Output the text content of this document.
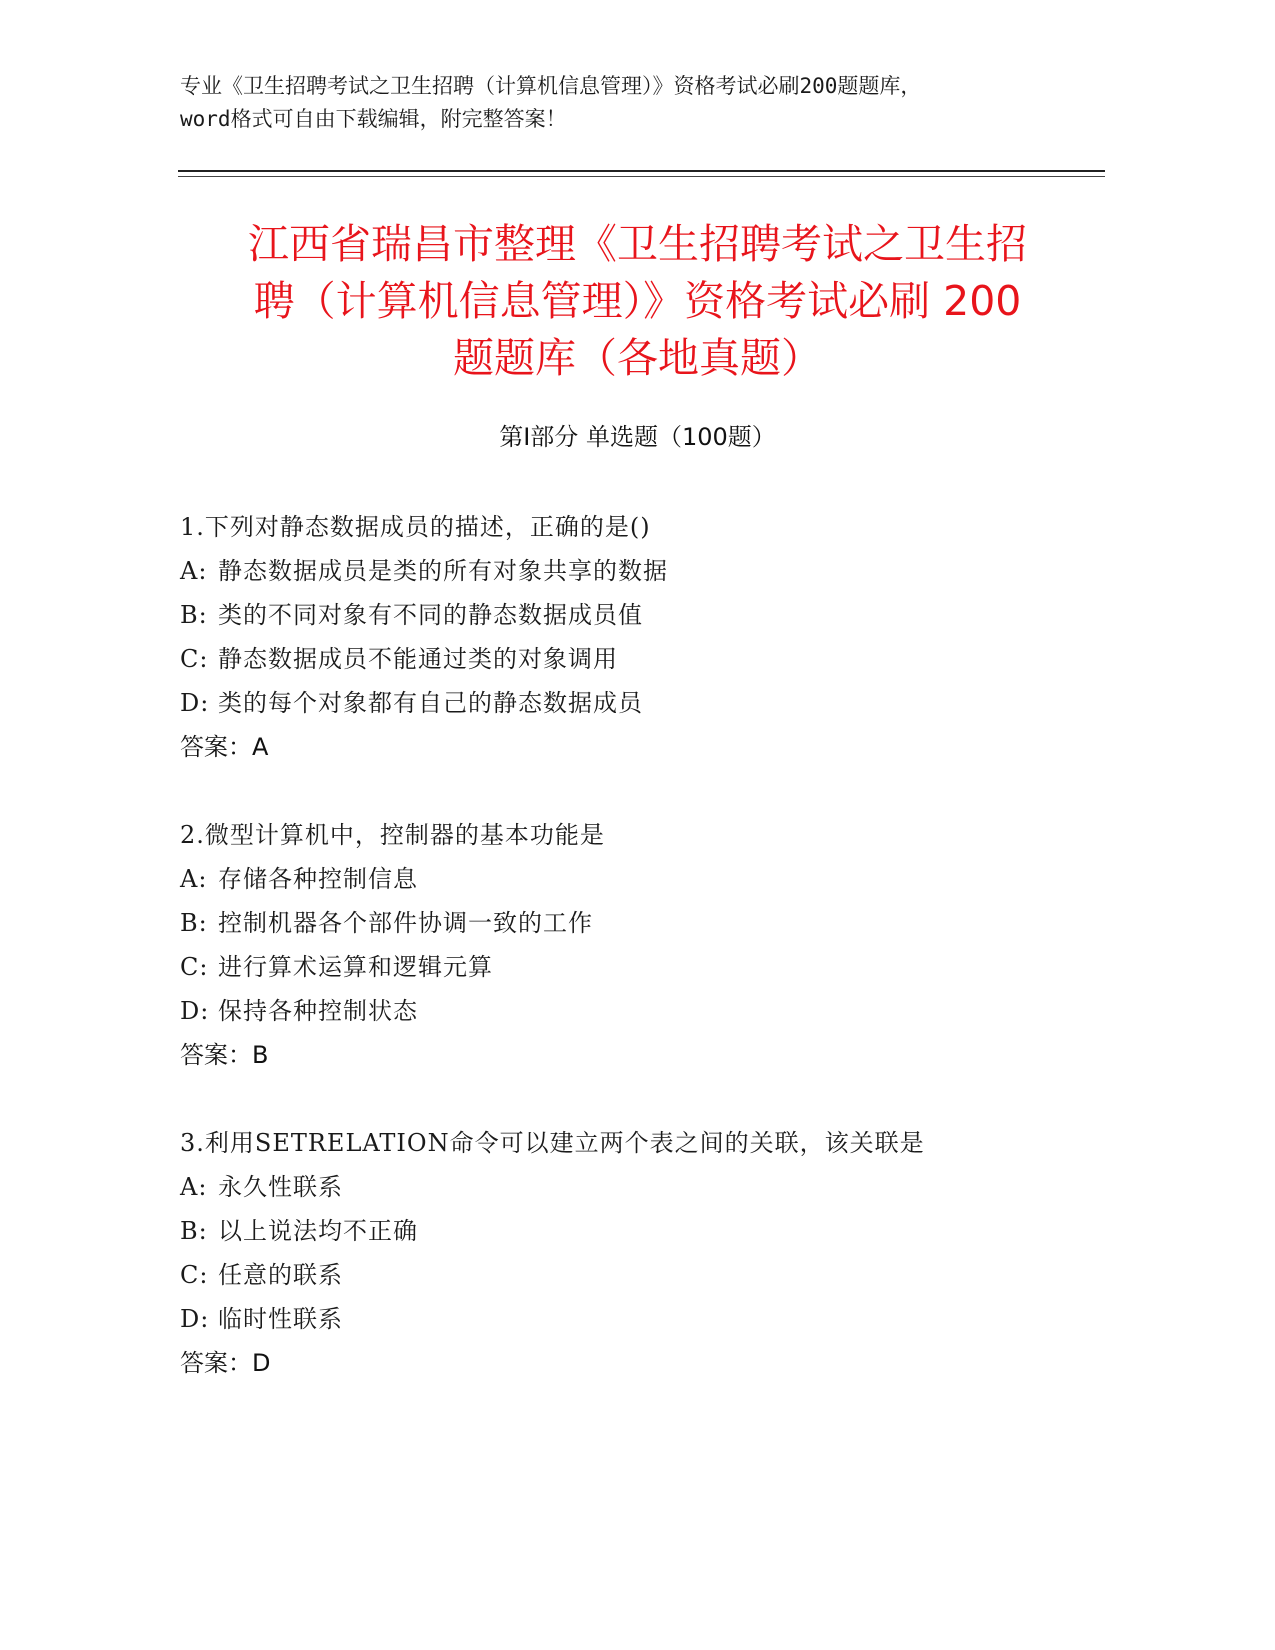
专业《卫生招聘考试之卫生招聘（计算机信息管理）》资格考试必刷200题题库，
word格式可自由下载编辑，附完整答案！
江西省瑞昌市整理《卫生招聘考试之卫生招
聘（计算机信息管理）》资格考试必刷 200
题题库（各地真题）
第Ⅰ部分 单选题（100题）
1.下列对静态数据成员的描述，正确的是()
A: 静态数据成员是类的所有对象共享的数据
B: 类的不同对象有不同的静态数据成员值
C: 静态数据成员不能通过类的对象调用
D: 类的每个对象都有自己的静态数据成员
答案：A
2.微型计算机中，控制器的基本功能是
A: 存储各种控制信息
B: 控制机器各个部件协调一致的工作
C: 进行算术运算和逻辑元算
D: 保持各种控制状态
答案：B
3.利用SETRELATION命令可以建立两个表之间的关联，该关联是
A: 永久性联系
B: 以上说法均不正确
C: 任意的联系
D: 临时性联系
答案：D
